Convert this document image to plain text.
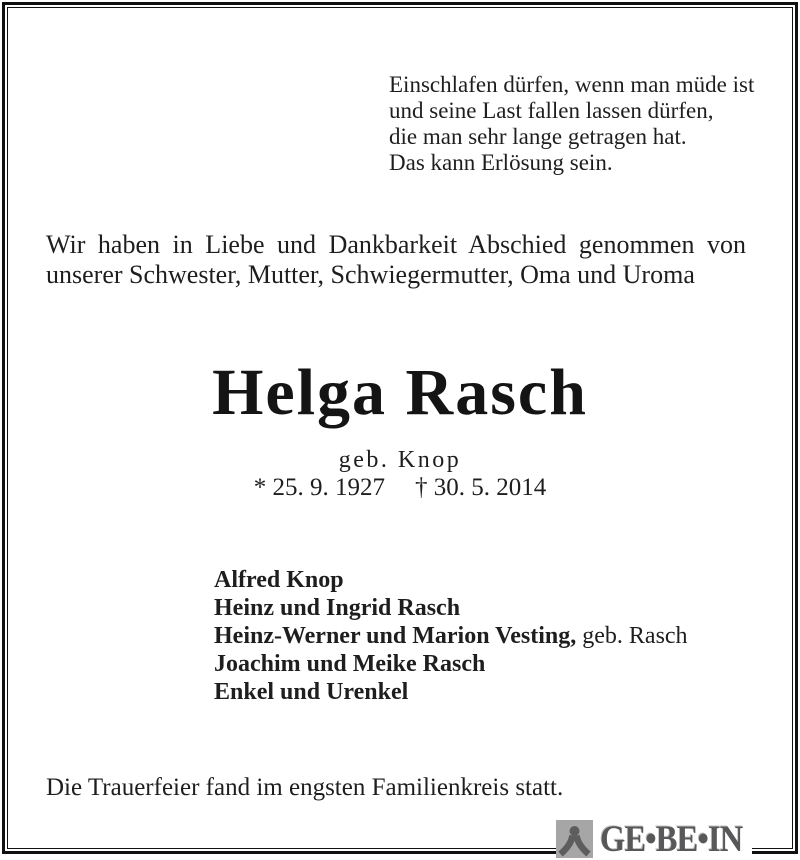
Einschlafen dürfen, wenn man müde ist
und seine Last fallen lassen dürfen,
die man sehr lange getragen hat.
Das kann Erlösung sein.
Wir haben in Liebe und Dankbarkeit Abschied genommen von
unserer Schwester, Mutter, Schwiegermutter, Oma und Uroma
Helga Rasch
geb. Knop
* 25. 9. 1927 † 30. 5. 2014
Alfred Knop
Heinz und Ingrid Rasch
Heinz-Werner und Marion Vesting, geb. Rasch
Joachim und Meike Rasch
Enkel und Urenkel
Die Trauerfeier fand im engsten Familienkreis statt.
GE•BE•IN
